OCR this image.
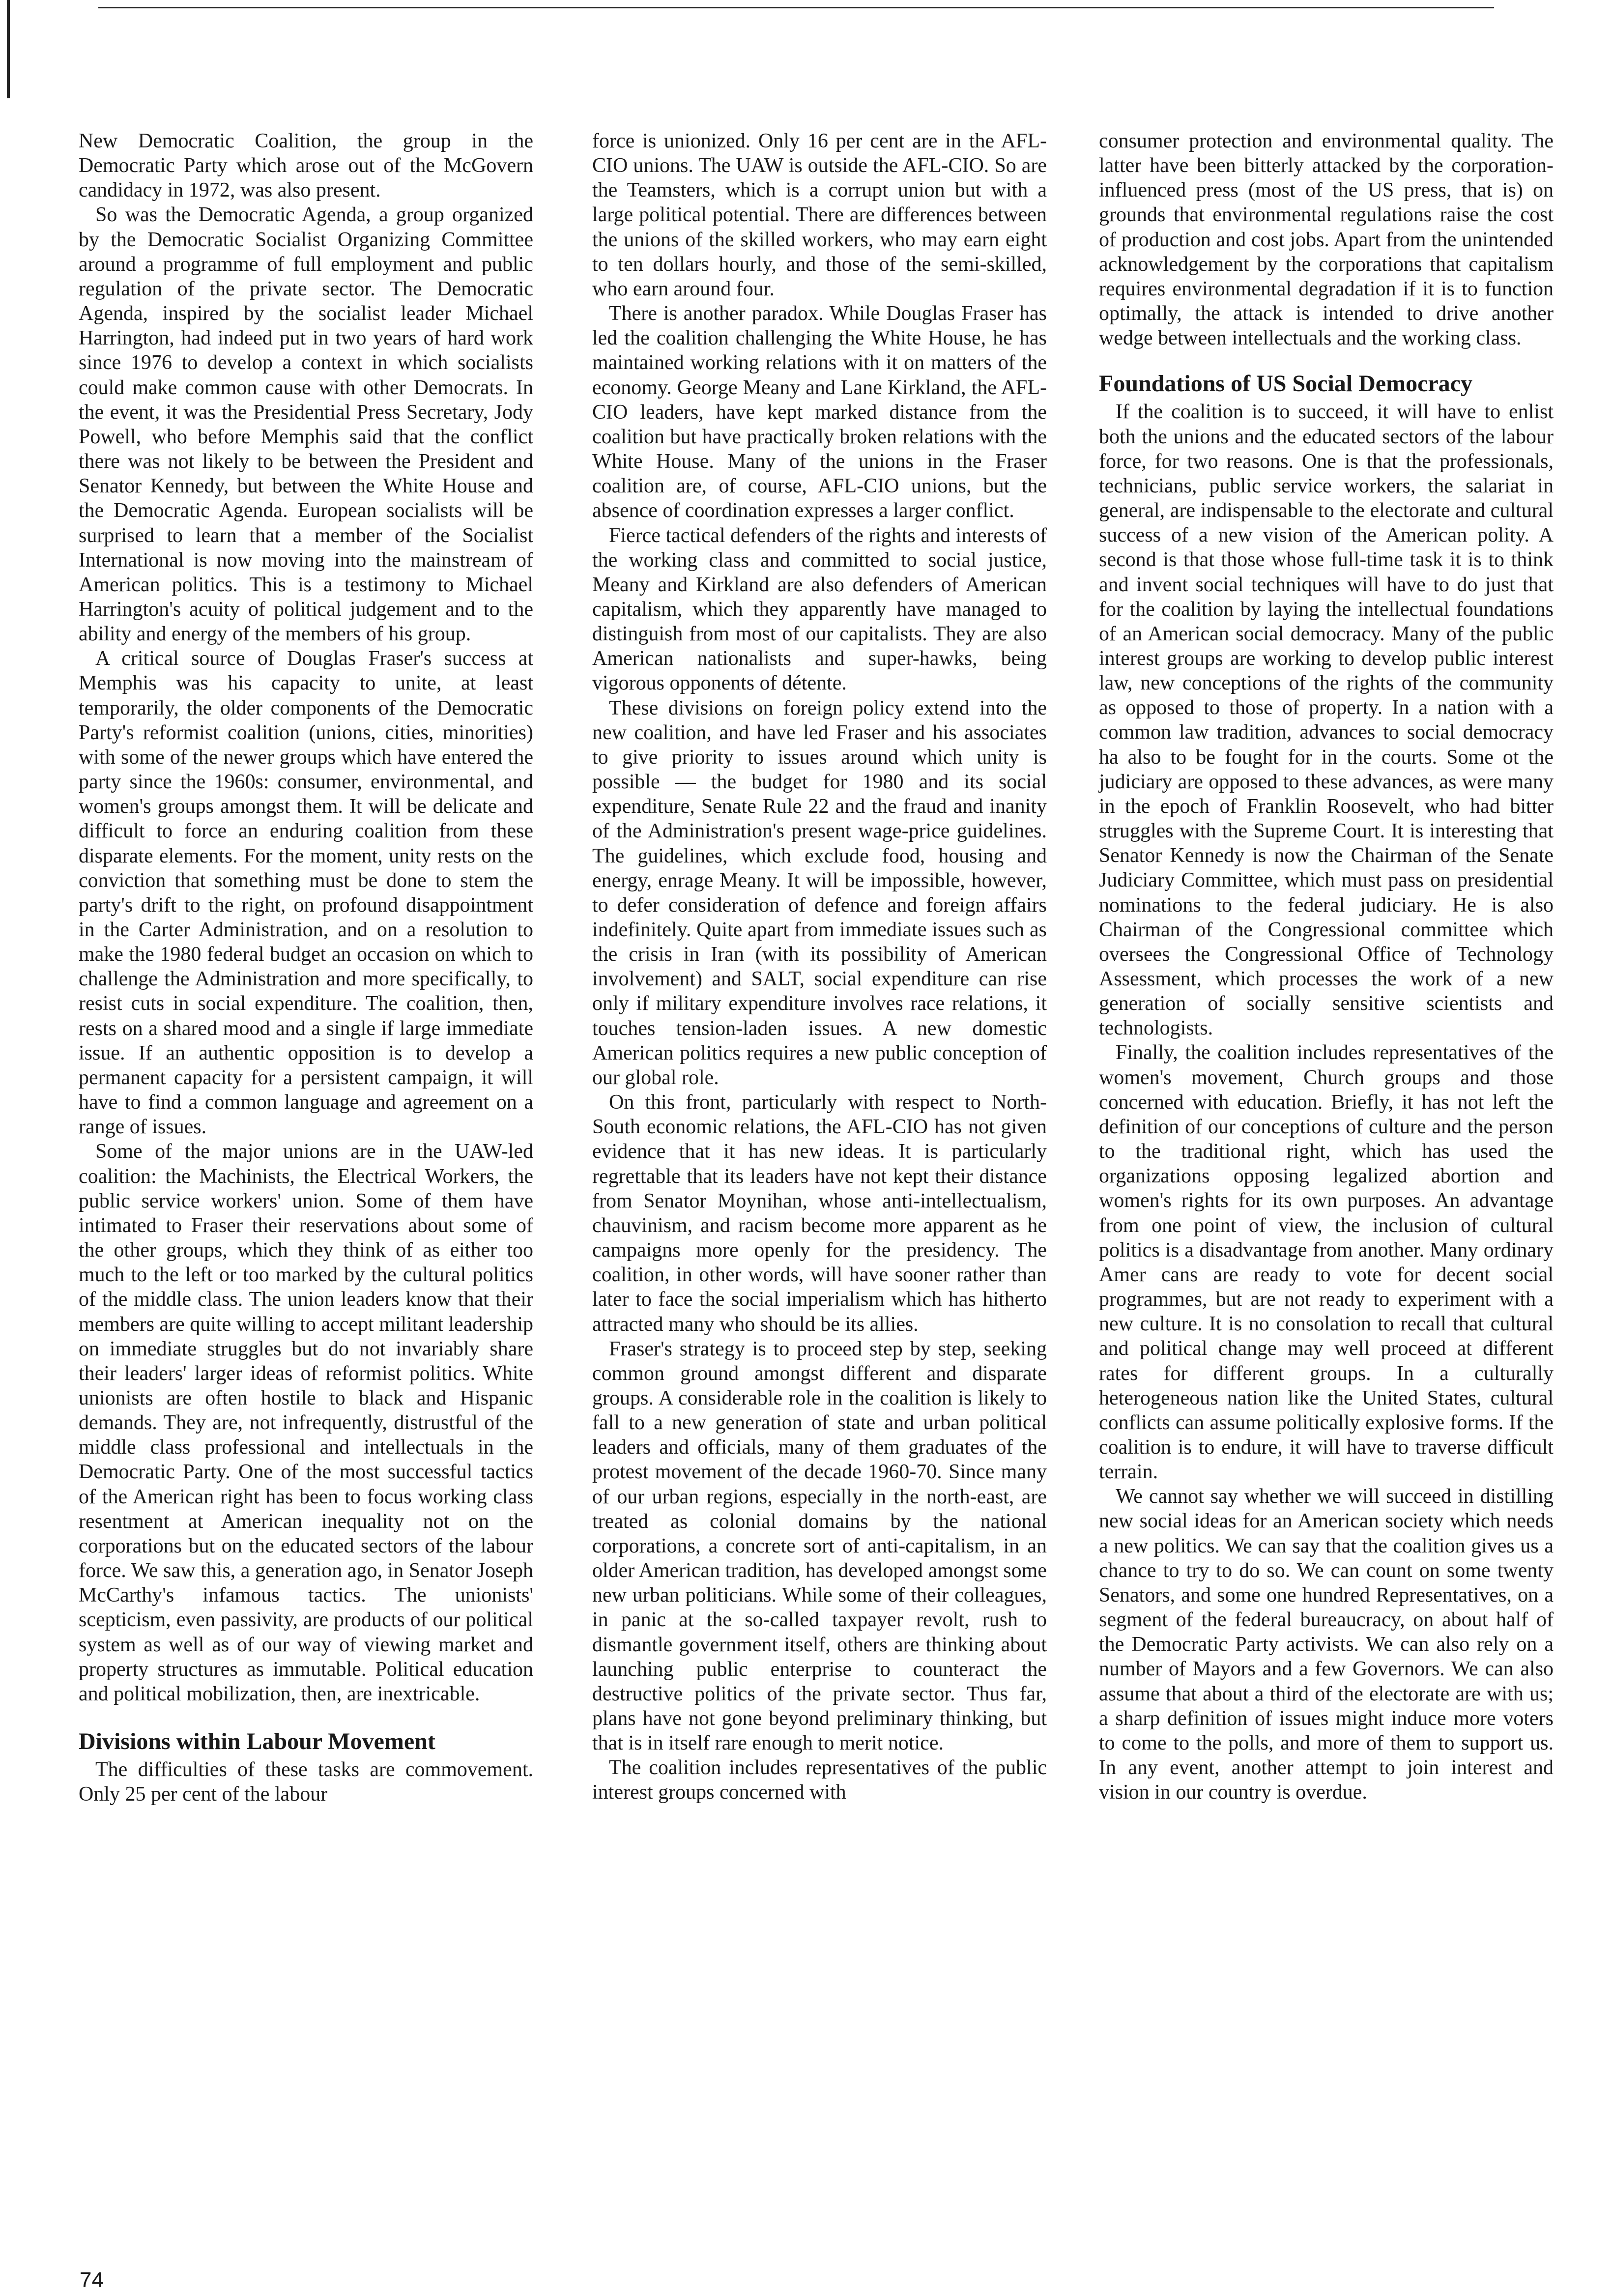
New Democratic Coalition, the group in the Democratic Party which arose out of the McGovern candidacy in 1972, was also present.

So was the Democratic Agenda, a group organized by the Democratic Socialist Organizing Committee around a programme of full employment and public regulation of the private sector. The Democratic Agenda, inspired by the socialist leader Michael Harrington, had indeed put in two years of hard work since 1976 to develop a context in which socialists could make common cause with other Democrats. In the event, it was the Presidential Press Secretary, Jody Powell, who before Memphis said that the conflict there was not likely to be between the President and Senator Kennedy, but between the White House and the Democratic Agenda. European socialists will be surprised to learn that a member of the Socialist International is now moving into the mainstream of American politics. This is a testimony to Michael Harrington's acuity of political judgement and to the ability and energy of the members of his group.

A critical source of Douglas Fraser's success at Memphis was his capacity to unite, at least temporarily, the older components of the Democratic Party's reformist coalition (unions, cities, minorities) with some of the newer groups which have entered the party since the 1960s: consumer, environmental, and women's groups amongst them. It will be delicate and difficult to force an enduring coalition from these disparate elements. For the moment, unity rests on the conviction that something must be done to stem the party's drift to the right, on profound disappointment in the Carter Administration, and on a resolution to make the 1980 federal budget an occasion on which to challenge the Administration and more specifically, to resist cuts in social expenditure. The coalition, then, rests on a shared mood and a single if large immediate issue. If an authentic opposition is to develop a permanent capacity for a persistent campaign, it will have to find a common language and agreement on a range of issues.

Some of the major unions are in the UAW-led coalition: the Machinists, the Electrical Workers, the public service workers' union. Some of them have intimated to Fraser their reservations about some of the other groups, which they think of as either too much to the left or too marked by the cultural politics of the middle class. The union leaders know that their members are quite willing to accept militant leadership on immediate struggles but do not invariably share their leaders' larger ideas of reformist politics. White unionists are often hostile to black and Hispanic demands. They are, not infrequently, distrustful of the middle class professional and intellectuals in the Democratic Party. One of the most successful tactics of the American right has been to focus working class resentment at American inequality not on the corporations but on the educated sectors of the labour force. We saw this, a generation ago, in Senator Joseph McCarthy's infamous tactics. The unionists' scepticism, even passivity, are products of our political system as well as of our way of viewing market and property structures as immutable. Political education and political mobilization, then, are inextricable.

Divisions within Labour Movement

The difficulties of these tasks are commovement. Only 25 per cent of the labour

force is unionized. Only 16 per cent are in the AFL-CIO unions. The UAW is outside the AFL-CIO. So are the Teamsters, which is a corrupt union but with a large political potential. There are differences between the unions of the skilled workers, who may earn eight to ten dollars hourly, and those of the semi-skilled, who earn around four.

There is another paradox. While Douglas Fraser has led the coalition challenging the White House, he has maintained working relations with it on matters of the economy. George Meany and Lane Kirkland, the AFL-CIO leaders, have kept marked distance from the coalition but have practically broken relations with the White House. Many of the unions in the Fraser coalition are, of course, AFL-CIO unions, but the absence of coordination expresses a larger conflict.

Fierce tactical defenders of the rights and interests of the working class and committed to social justice, Meany and Kirkland are also defenders of American capitalism, which they apparently have managed to distinguish from most of our capitalists. They are also American nationalists and super-hawks, being vigorous opponents of détente.

These divisions on foreign policy extend into the new coalition, and have led Fraser and his associates to give priority to issues around which unity is possible — the budget for 1980 and its social expenditure, Senate Rule 22 and the fraud and inanity of the Administration's present wage-price guidelines. The guidelines, which exclude food, housing and energy, enrage Meany. It will be impossible, however, to defer consideration of defence and foreign affairs indefinitely. Quite apart from immediate issues such as the crisis in Iran (with its possibility of American involvement) and SALT, social expenditure can rise only if military expenditure involves race relations, it touches tension-laden issues. A new domestic American politics requires a new public conception of our global role.

On this front, particularly with respect to North-South economic relations, the AFL-CIO has not given evidence that it has new ideas. It is particularly regrettable that its leaders have not kept their distance from Senator Moynihan, whose anti-intellectualism, chauvinism, and racism become more apparent as he campaigns more openly for the presidency. The coalition, in other words, will have sooner rather than later to face the social imperialism which has hitherto attracted many who should be its allies.

Fraser's strategy is to proceed step by step, seeking common ground amongst different and disparate groups. A considerable role in the coalition is likely to fall to a new generation of state and urban political leaders and officials, many of them graduates of the protest movement of the decade 1960-70. Since many of our urban regions, especially in the north-east, are treated as colonial domains by the national corporations, a concrete sort of anti-capitalism, in an older American tradition, has developed amongst some new urban politicians. While some of their colleagues, in panic at the so-called taxpayer revolt, rush to dismantle government itself, others are thinking about launching public enterprise to counteract the destructive politics of the private sector. Thus far, plans have not gone beyond preliminary thinking, but that is in itself rare enough to merit notice.

The coalition includes representatives of the public interest groups concerned with

consumer protection and environmental quality. The latter have been bitterly attacked by the corporation-influenced press (most of the US press, that is) on grounds that environmental regulations raise the cost of production and cost jobs. Apart from the unintended acknowledgement by the corporations that capitalism requires environmental degradation if it is to function optimally, the attack is intended to drive another wedge between intellectuals and the working class.

Foundations of US Social Democracy

If the coalition is to succeed, it will have to enlist both the unions and the educated sectors of the labour force, for two reasons. One is that the professionals, technicians, public service workers, the salariat in general, are indispensable to the electorate and cultural success of a new vision of the American polity. A second is that those whose full-time task it is to think and invent social techniques will have to do just that for the coalition by laying the intellectual foundations of an American social democracy. Many of the public interest groups are working to develop public interest law, new conceptions of the rights of the community as opposed to those of property. In a nation with a common law tradition, advances to social democracy ha also to be fought for in the courts. Some ot the judiciary are opposed to these advances, as were many in the epoch of Franklin Roosevelt, who had bitter struggles with the Supreme Court. It is interesting that Senator Kennedy is now the Chairman of the Senate Judiciary Committee, which must pass on presidential nominations to the federal judiciary. He is also Chairman of the Congressional committee which oversees the Congressional Office of Technology Assessment, which processes the work of a new generation of socially sensitive scientists and technologists.

Finally, the coalition includes representatives of the women's movement, Church groups and those concerned with education. Briefly, it has not left the definition of our conceptions of culture and the person to the traditional right, which has used the organizations opposing legalized abortion and women's rights for its own purposes. An advantage from one point of view, the inclusion of cultural politics is a disadvantage from another. Many ordinary Amer cans are ready to vote for decent social programmes, but are not ready to experiment with a new culture. It is no consolation to recall that cultural and political change may well proceed at different rates for different groups. In a culturally heterogeneous nation like the United States, cultural conflicts can assume politically explosive forms. If the coalition is to endure, it will have to traverse difficult terrain.

We cannot say whether we will succeed in distilling new social ideas for an American society which needs a new politics. We can say that the coalition gives us a chance to try to do so. We can count on some twenty Senators, and some one hundred Representatives, on a segment of the federal bureaucracy, on about half of the Democratic Party activists. We can also rely on a number of Mayors and a few Governors. We can also assume that about a third of the electorate are with us; a sharp definition of issues might induce more voters to come to the polls, and more of them to support us. In any event, another attempt to join interest and vision in our country is overdue.

74
